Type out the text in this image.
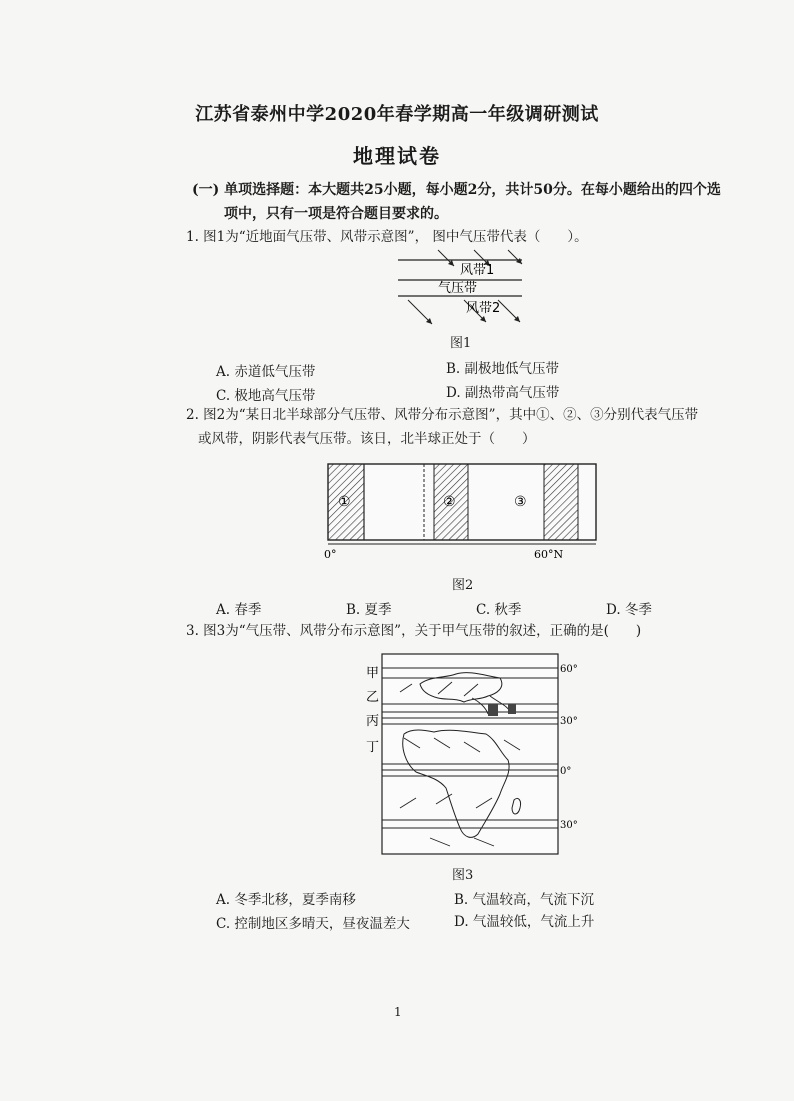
江苏省泰州中学2020年春学期高一年级调研测试
地理试卷
(一) 单项选择题：本大题共25小题，每小题2分，共计50分。在每小题给出的四个选
项中，只有一项是符合题目要求的。
1. 图1为“近地面气压带、风带示意图”， 图中气压带代表（　　）。
风带1
气压带
风带2
图1
A. 赤道低气压带	B. 副极地低气压带
C. 极地高气压带	D. 副热带高气压带
2. 图2为“某日北半球部分气压带、风带分布示意图”，其中①、②、③分别代表气压带
或风带，阴影代表气压带。该日，北半球正处于（　　）
①	②	③
0°	60°N
图2
A. 春季	B. 夏季	C. 秋季	D. 冬季
3. 图3为“气压带、风带分布示意图”，关于甲气压带的叙述，正确的是(　　)
甲
乙
丙
丁
60°
30°
0°
30°
图3
A. 冬季北移，夏季南移	B. 气温较高，气流下沉
C. 控制地区多晴天，昼夜温差大	D. 气温较低，气流上升
1
